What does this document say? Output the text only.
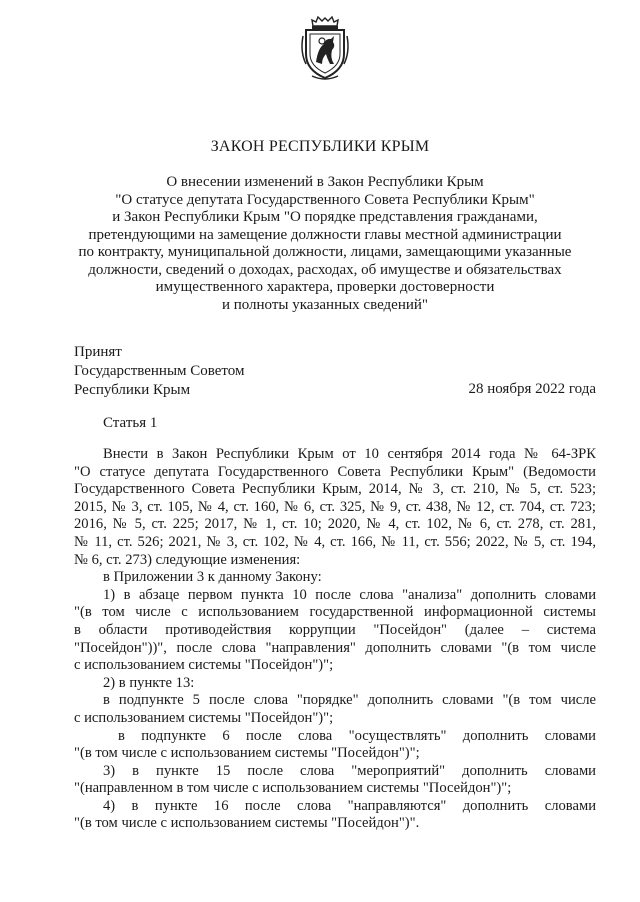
ЗАКОН РЕСПУБЛИКИ КРЫМ
О внесении изменений в Закон Республики Крым
"О статусе депутата Государственного Совета Республики Крым"
и Закон Республики Крым "О порядке представления гражданами,
претендующими на замещение должности главы местной администрации
по контракту, муниципальной должности, лицами, замещающими указанные
должности, сведений о доходах, расходах, об имуществе и обязательствах
имущественного характера, проверки достоверности
и полноты указанных сведений"
Принят
Государственным Советом
Республики Крым	28 ноября 2022 года
Статья 1
Внести в Закон Республики Крым от 10 сентября 2014 года № 64-ЗРК
"О статусе депутата Государственного Совета Республики Крым" (Ведомости
Государственного Совета Республики Крым, 2014, № 3, ст. 210, № 5, ст. 523;
2015, № 3, ст. 105, № 4, ст. 160, № 6, ст. 325, № 9, ст. 438, № 12, ст. 704, ст. 723;
2016, № 5, ст. 225; 2017, № 1, ст. 10; 2020, № 4, ст. 102, № 6, ст. 278, ст. 281,
№ 11, ст. 526; 2021, № 3, ст. 102, № 4, ст. 166, № 11, ст. 556; 2022, № 5, ст. 194,
№ 6, ст. 273) следующие изменения:
в Приложении 3 к данному Закону:
1) в абзаце первом пункта 10 после слова "анализа" дополнить словами
"(в том числе с использованием государственной информационной системы
в области противодействия коррупции "Посейдон" (далее – система
"Посейдон"))", после слова "направления" дополнить словами "(в том числе
с использованием системы "Посейдон")";
2) в пункте 13:
в подпункте 5 после слова "порядке" дополнить словами "(в том числе
с использованием системы "Посейдон")";
в подпункте 6 после слова "осуществлять" дополнить словами
"(в том числе с использованием системы "Посейдон")";
3) в пункте 15 после слова "мероприятий" дополнить словами
"(направленном в том числе с использованием системы "Посейдон")";
4) в пункте 16 после слова "направляются" дополнить словами
"(в том числе с использованием системы "Посейдон")".
